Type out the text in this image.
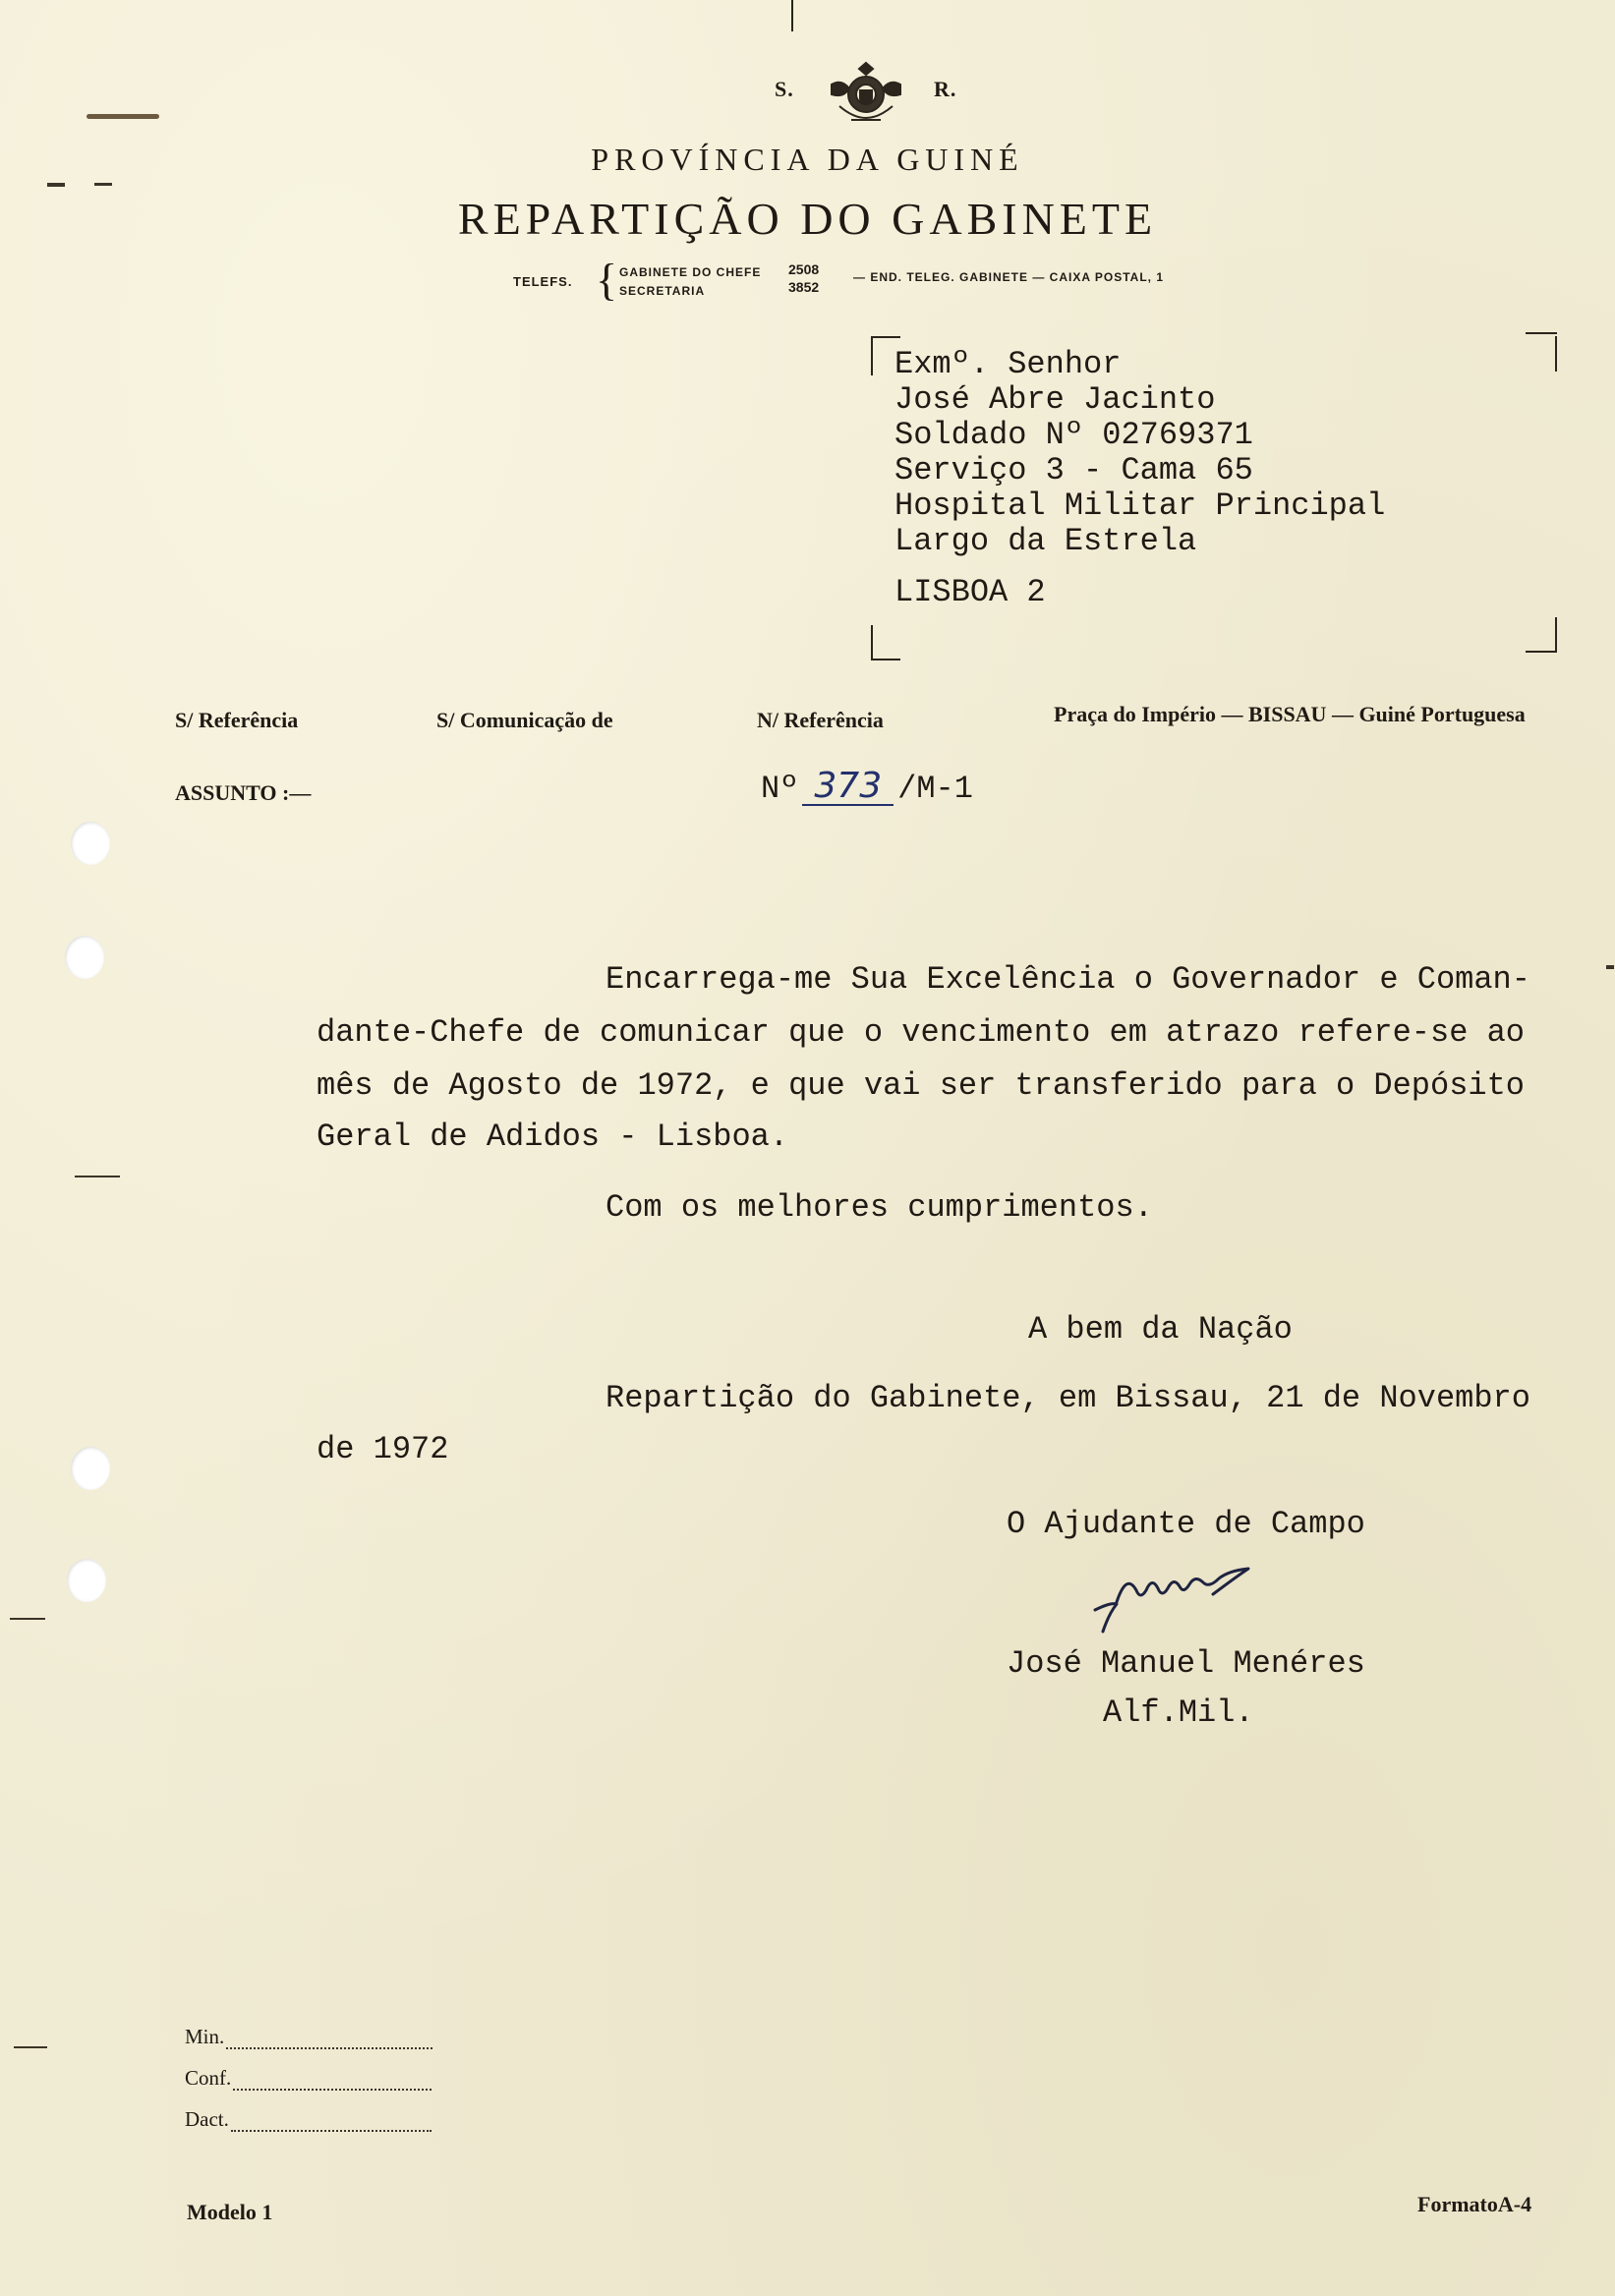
S.	R.
PROVÍNCIA DA GUINÉ
REPARTIÇÃO DO GABINETE
TELEFS. { GABINETE DO CHEFE 2508
SECRETARIA	3852
— END. TELEG. GABINETE — CAIXA POSTAL, 1
Exmº. Senhor
José Abre Jacinto
Soldado Nº 02769371
Serviço 3 - Cama 65
Hospital Militar Principal
Largo da Estrela
LISBOA 2
S/ Referência	S/ Comunicação de	N/ Referência	Praça do Império — BISSAU — Guiné Portuguesa
ASSUNTO :—	Nº 373 /M-1
Encarrega-me Sua Excelência o Governador e Coman-
dante-Chefe de comunicar que o vencimento em atrazo refere-se ao
mês de Agosto de 1972, e que vai ser transferido para o Depósito
Geral de Adidos - Lisboa.
Com os melhores cumprimentos.
A bem da Nação
Repartição do Gabinete, em Bissau, 21 de Novembro
de 1972
O Ajudante de Campo
José Manuel Menéres
Alf.Mil.
Min.
Conf.
Dact.
Modelo 1	FormatoA-4
